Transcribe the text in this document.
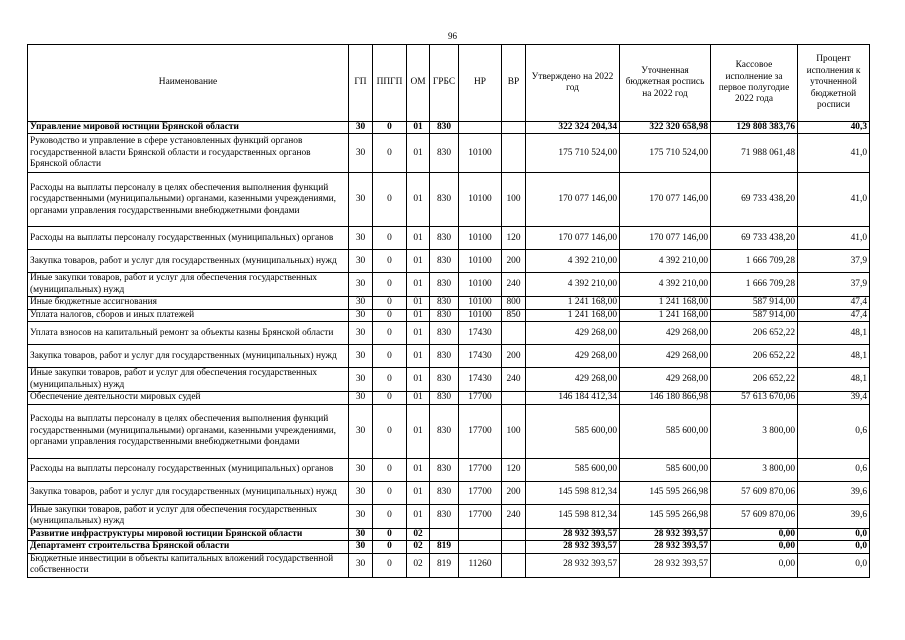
96
Наименование	ГП	ППГП	ОМ	ГРБС	НР	ВР	Утверждено на 2022 год	Уточненная бюджетная роспись на 2022 год	Кассовое исполнение за первое полугодие 2022 года	Процент исполнения к уточненной бюджетной росписи
Управление мировой юстиции Брянской области	30	0	01	830			322 324 204,34	322 320 658,98	129 808 383,76	40,3
Руководство и управление в сфере установленных функций органов государственной власти Брянской области и государственных органов Брянской области	30	0	01	830	10100		175 710 524,00	175 710 524,00	71 988 061,48	41,0
Расходы на выплаты персоналу в целях обеспечения выполнения функций государственными (муниципальными) органами, казенными учреждениями, органами управления государственными внебюджетными фондами	30	0	01	830	10100	100	170 077 146,00	170 077 146,00	69 733 438,20	41,0
Расходы на выплаты персоналу государственных (муниципальных) органов	30	0	01	830	10100	120	170 077 146,00	170 077 146,00	69 733 438,20	41,0
Закупка товаров, работ и услуг для государственных (муниципальных) нужд	30	0	01	830	10100	200	4 392 210,00	4 392 210,00	1 666 709,28	37,9
Иные закупки товаров, работ и услуг для обеспечения государственных (муниципальных) нужд	30	0	01	830	10100	240	4 392 210,00	4 392 210,00	1 666 709,28	37,9
Иные бюджетные ассигнования	30	0	01	830	10100	800	1 241 168,00	1 241 168,00	587 914,00	47,4
Уплата налогов, сборов и иных платежей	30	0	01	830	10100	850	1 241 168,00	1 241 168,00	587 914,00	47,4
Уплата взносов на капитальный ремонт за объекты казны Брянской области	30	0	01	830	17430		429 268,00	429 268,00	206 652,22	48,1
Закупка товаров, работ и услуг для государственных (муниципальных) нужд	30	0	01	830	17430	200	429 268,00	429 268,00	206 652,22	48,1
Иные закупки товаров, работ и услуг для обеспечения государственных (муниципальных) нужд	30	0	01	830	17430	240	429 268,00	429 268,00	206 652,22	48,1
Обеспечение деятельности мировых судей	30	0	01	830	17700		146 184 412,34	146 180 866,98	57 613 670,06	39,4
Расходы на выплаты персоналу в целях обеспечения выполнения функций государственными (муниципальными) органами, казенными учреждениями, органами управления государственными внебюджетными фондами	30	0	01	830	17700	100	585 600,00	585 600,00	3 800,00	0,6
Расходы на выплаты персоналу государственных (муниципальных) органов	30	0	01	830	17700	120	585 600,00	585 600,00	3 800,00	0,6
Закупка товаров, работ и услуг для государственных (муниципальных) нужд	30	0	01	830	17700	200	145 598 812,34	145 595 266,98	57 609 870,06	39,6
Иные закупки товаров, работ и услуг для обеспечения государственных (муниципальных) нужд	30	0	01	830	17700	240	145 598 812,34	145 595 266,98	57 609 870,06	39,6
Развитие инфраструктуры мировой юстиции Брянской области	30	0	02				28 932 393,57	28 932 393,57	0,00	0,0
Департамент строительства Брянской области	30	0	02	819			28 932 393,57	28 932 393,57	0,00	0,0
Бюджетные инвестиции в объекты капитальных вложений государственной собственности	30	0	02	819	11260		28 932 393,57	28 932 393,57	0,00	0,0
